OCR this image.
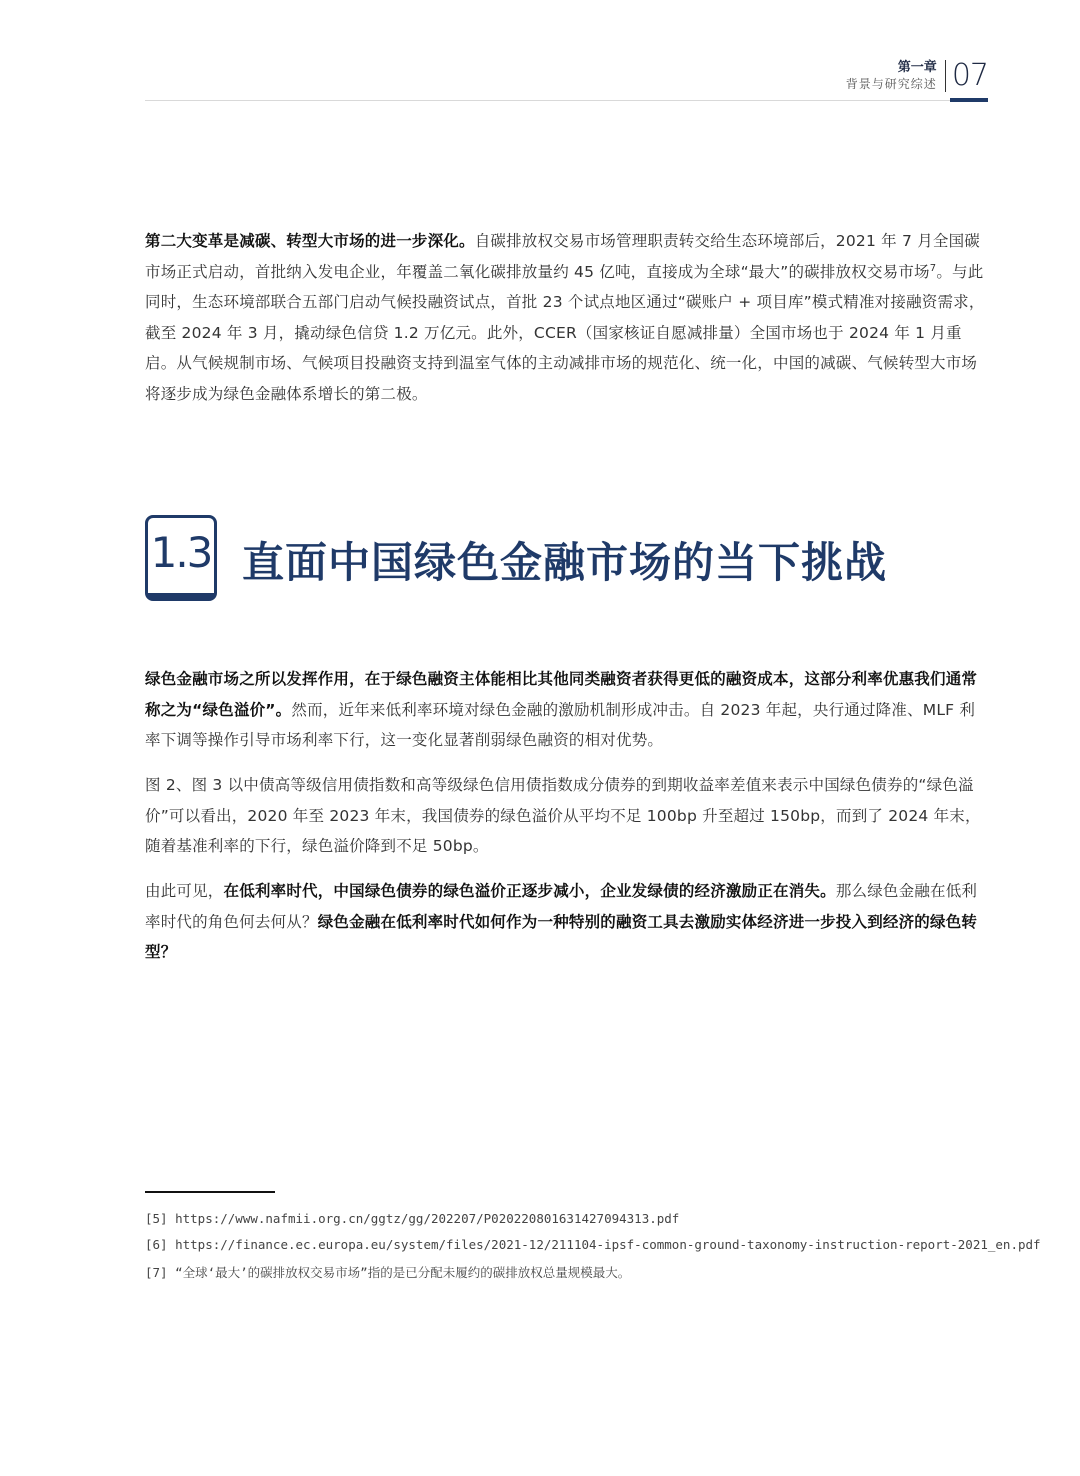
第一章
背景与研究综述 07
第二大变革是减碳、转型大市场的进一步深化。自碳排放权交易市场管理职责转交给生态环境部后，2021 年 7 月全国碳市场正式启动，首批纳入发电企业，年覆盖二氧化碳排放量约 45 亿吨，直接成为全球“最大”的碳排放权交易市场$^7$。与此同时，生态环境部联合五部门启动气候投融资试点，首批 23 个试点地区通过“碳账户 + 项目库”模式精准对接融资需求，截至 2024 年 3 月，撬动绿色信贷 1.2 万亿元。此外，CCER（国家核证自愿减排量）全国市场也于 2024 年 1 月重启。从气候规制市场、气候项目投融资支持到温室气体的主动减排市场的规范化、统一化，中国的减碳、气候转型大市场将逐步成为绿色金融体系增长的第二极。
1.3 直面中国绿色金融市场的当下挑战
绿色金融市场之所以发挥作用，在于绿色融资主体能相比其他同类融资者获得更低的融资成本，这部分利率优惠我们通常称之为“绿色溢价”。然而，近年来低利率环境对绿色金融的激励机制形成冲击。自 2023 年起，央行通过降准、MLF 利率下调等操作引导市场利率下行，这一变化显著削弱绿色融资的相对优势。
图 2、图 3 以中债高等级信用债指数和高等级绿色信用债指数成分债券的到期收益率差值来表示中国绿色债券的“绿色溢价”可以看出，2020 年至 2023 年末，我国债券的绿色溢价从平均不足 100bp 升至超过 150bp，而到了 2024 年末，随着基准利率的下行，绿色溢价降到不足 50bp。
由此可见，在低利率时代，中国绿色债券的绿色溢价正逐步减小，企业发绿债的经济激励正在消失。那么绿色金融在低利率时代的角色何去何从？绿色金融在低利率时代如何作为一种特别的融资工具去激励实体经济进一步投入到经济的绿色转型？
[5] https://www.nafmii.org.cn/ggtz/gg/202207/P020220801631427094313.pdf
[6] https://finance.ec.europa.eu/system/files/2021-12/211104-ipsf-common-ground-taxonomy-instruction-report-2021_en.pdf
[7] “全球‘最大’的碳排放权交易市场”指的是已分配未履约的碳排放权总量规模最大。
